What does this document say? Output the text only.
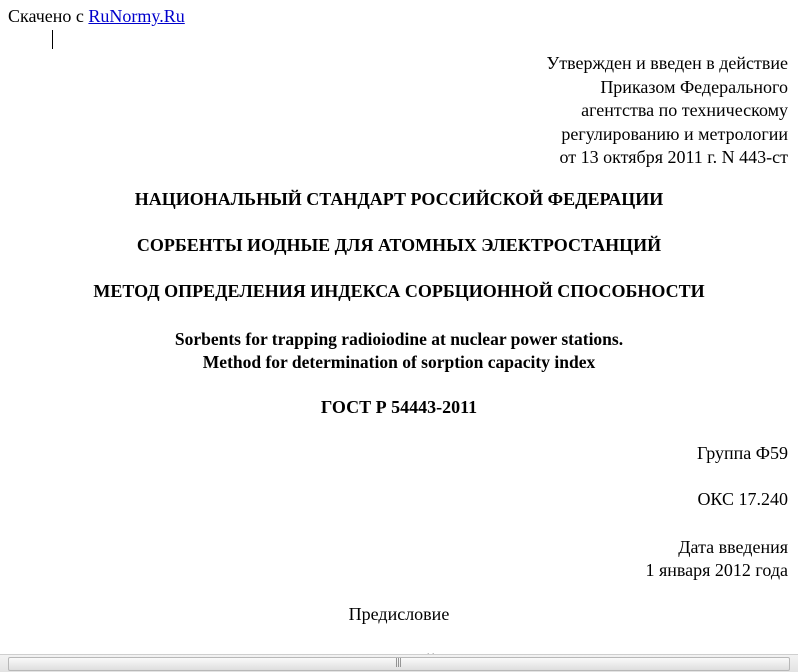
Скачено с RuNormy.Ru
Утвержден и введен в действие
Приказом Федерального
агентства по техническому
регулированию и метрологии
от 13 октября 2011 г. N 443-ст
НАЦИОНАЛЬНЫЙ СТАНДАРТ РОССИЙСКОЙ ФЕДЕРАЦИИ
СОРБЕНТЫ ИОДНЫЕ ДЛЯ АТОМНЫХ ЭЛЕКТРОСТАНЦИЙ
МЕТОД ОПРЕДЕЛЕНИЯ ИНДЕКСА СОРБЦИОННОЙ СПОСОБНОСТИ
Sorbents for trapping radioiodine at nuclear power stations.
Method for determination of sorption capacity index
ГОСТ Р 54443-2011
Группа Ф59
ОКС 17.240
Дата введения
1 января 2012 года
Предисловие
|||
